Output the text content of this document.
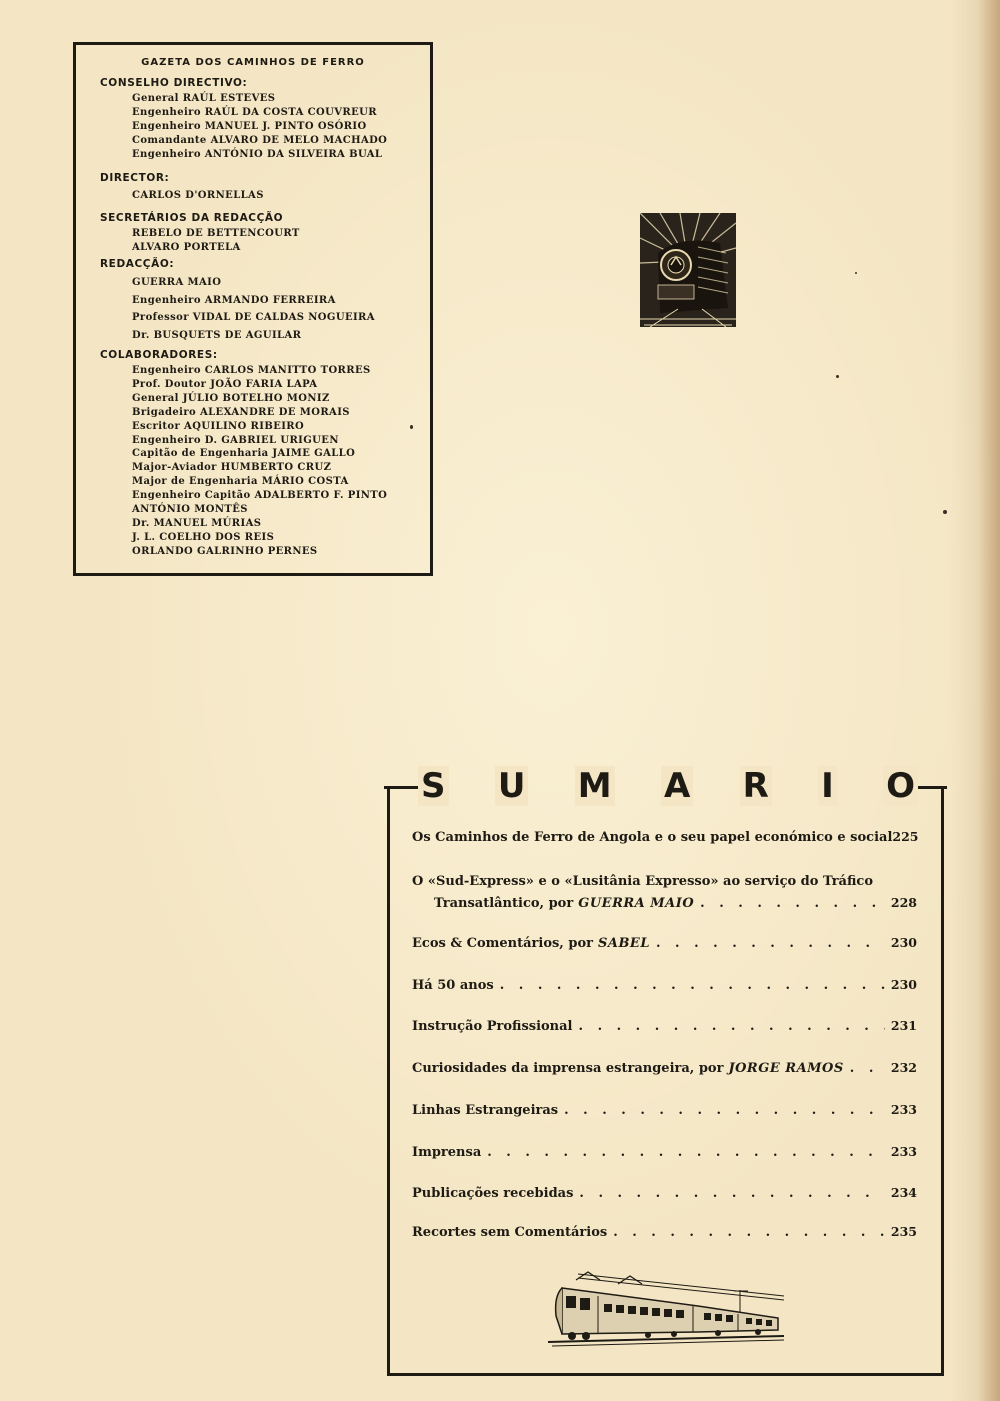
GAZETA DOS CAMINHOS DE FERRO
CONSELHO DIRECTIVO:
General RAÚL ESTEVES
Engenheiro RAÚL DA COSTA COUVREUR
Engenheiro MANUEL J. PINTO OSÓRIO
Comandante ALVARO DE MELO MACHADO
Engenheiro ANTÓNIO DA SILVEIRA BUAL
DIRECTOR:
CARLOS D'ORNELLAS
SECRETÁRIOS DA REDACÇÃO
REBELO DE BETTENCOURT
ALVARO PORTELA
REDACÇÃO:
GUERRA MAIO
Engenheiro ARMANDO FERREIRA
Professor VIDAL DE CALDAS NOGUEIRA
Dr. BUSQUETS DE AGUILAR
COLABORADORES:
Engenheiro CARLOS MANITTO TORRES
Prof. Doutor JOÃO FARIA LAPA
General JÚLIO BOTELHO MONIZ
Brigadeiro ALEXANDRE DE MORAIS
Escritor AQUILINO RIBEIRO
Engenheiro D. GABRIEL URIGUEN
Capitão de Engenharia JAIME GALLO
Major-Aviador HUMBERTO CRUZ
Major de Engenharia MÁRIO COSTA
Engenheiro Capitão ADALBERTO F. PINTO
ANTÓNIO MONTÊS
Dr. MANUEL MÚRIAS
J. L. COELHO DOS REIS
ORLANDO GALRINHO PERNES
S U M A R I O
Os Caminhos de Ferro de Angola e o seu papel económico e social 225
O «Sud-Express» e o «Lusitânia Expresso» ao serviço do Tráfico
Transatlântico, por GUERRA MAIO . . .	228
Ecos & Comentários, por SABEL . . .	230
Há 50 anos . . .	230
Instrução Profissional . . .	231
Curiosidades da imprensa estrangeira, por JORGE RAMOS . . .	232
Linhas Estrangeiras . . .	233
Imprensa . . .	233
Publicações recebidas . . .	234
Recortes sem Comentários . . .	235
